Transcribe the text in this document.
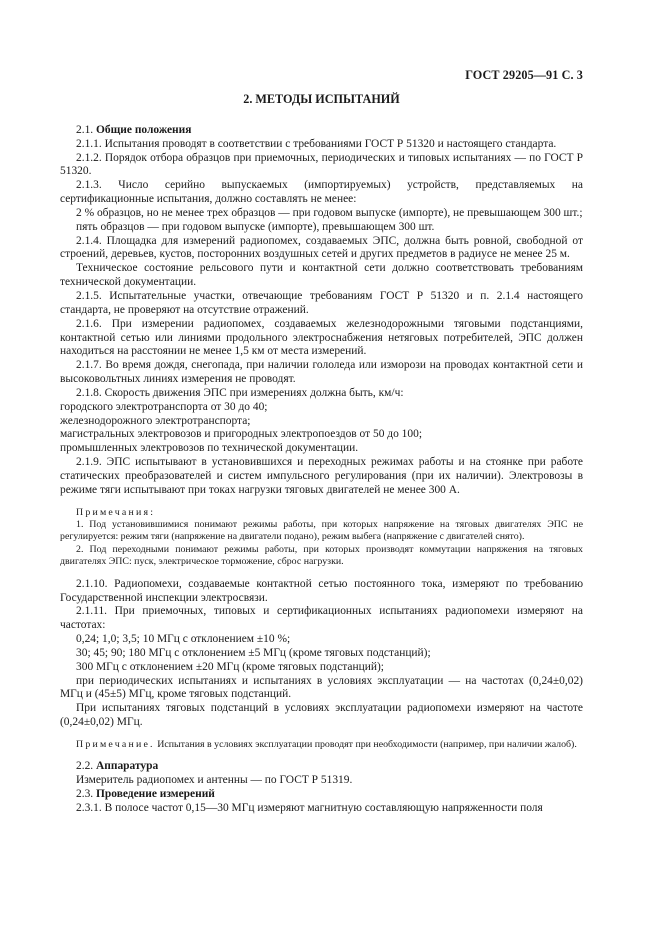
ГОСТ 29205—91 С. 3
2. МЕТОДЫ ИСПЫТАНИЙ

2.1. Общие положения

2.1.1. Испытания проводят в соответствии с требованиями ГОСТ Р 51320 и настоящего стандарта.

2.1.2. Порядок отбора образцов при приемочных, периодических и типовых испытаниях — по ГОСТ Р 51320.

2.1.3. Число серийно выпускаемых (импортируемых) устройств, представляемых на сертификационные испытания, должно составлять не менее:

2 % образцов, но не менее трех образцов — при годовом выпуске (импорте), не превышающем 300 шт.;

пять образцов — при годовом выпуске (импорте), превышающем 300 шт.

2.1.4. Площадка для измерений радиопомех, создаваемых ЭПС, должна быть ровной, свободной от строений, деревьев, кустов, посторонних воздушных сетей и других предметов в радиусе не менее 25 м.

Техническое состояние рельсового пути и контактной сети должно соответствовать требованиям технической документации.

2.1.5. Испытательные участки, отвечающие требованиям ГОСТ Р 51320 и п. 2.1.4 настоящего стандарта, не проверяют на отсутствие отражений.

2.1.6. При измерении радиопомех, создаваемых железнодорожными тяговыми подстанциями, контактной сетью или линиями продольного электроснабжения нетяговых потребителей, ЭПС должен находиться на расстоянии не менее 1,5 км от места измерений.

2.1.7. Во время дождя, снегопада, при наличии гололеда или изморози на проводах контактной сети и высоковольтных линиях измерения не проводят.

2.1.8. Скорость движения ЭПС при измерениях должна быть, км/ч:

городского электротранспорта от 30 до 40;

железнодорожного электротранспорта;

магистральных электровозов и пригородных электропоездов от 50 до 100;

промышленных электровозов по технической документации.

2.1.9. ЭПС испытывают в установившихся и переходных режимах работы и на стоянке при работе статических преобразователей и систем импульсного регулирования (при их наличии). Электровозы в режиме тяги испытывают при токах нагрузки тяговых двигателей не менее 300 А.

Примечания:

1. Под установившимися понимают режимы работы, при которых напряжение на тяговых двигателях ЭПС не регулируется: режим тяги (напряжение на двигатели подано), режим выбега (напряжение с двигателей снято).

2. Под переходными понимают режимы работы, при которых производят коммутации напряжения на тяговых двигателях ЭПС: пуск, электрическое торможение, сброс нагрузки.

2.1.10. Радиопомехи, создаваемые контактной сетью постоянного тока, измеряют по требованию Государственной инспекции электросвязи.

2.1.11. При приемочных, типовых и сертификационных испытаниях радиопомехи измеряют на частотах:

0,24; 1,0; 3,5; 10 МГц с отклонением ±10 %;

30; 45; 90; 180 МГц с отклонением ±5 МГц (кроме тяговых подстанций);

300 МГц с отклонением ±20 МГц (кроме тяговых подстанций);

при периодических испытаниях и испытаниях в условиях эксплуатации — на частотах (0,24±0,02) МГц и (45±5) МГц, кроме тяговых подстанций.

При испытаниях тяговых подстанций в условиях эксплуатации радиопомехи измеряют на частоте (0,24±0,02) МГц.

Примечание. Испытания в условиях эксплуатации проводят при необходимости (например, при наличии жалоб).

2.2. Аппаратура

Измеритель радиопомех и антенны — по ГОСТ Р 51319.

2.3. Проведение измерений

2.3.1. В полосе частот 0,15—30 МГц измеряют магнитную составляющую напряженности поля
